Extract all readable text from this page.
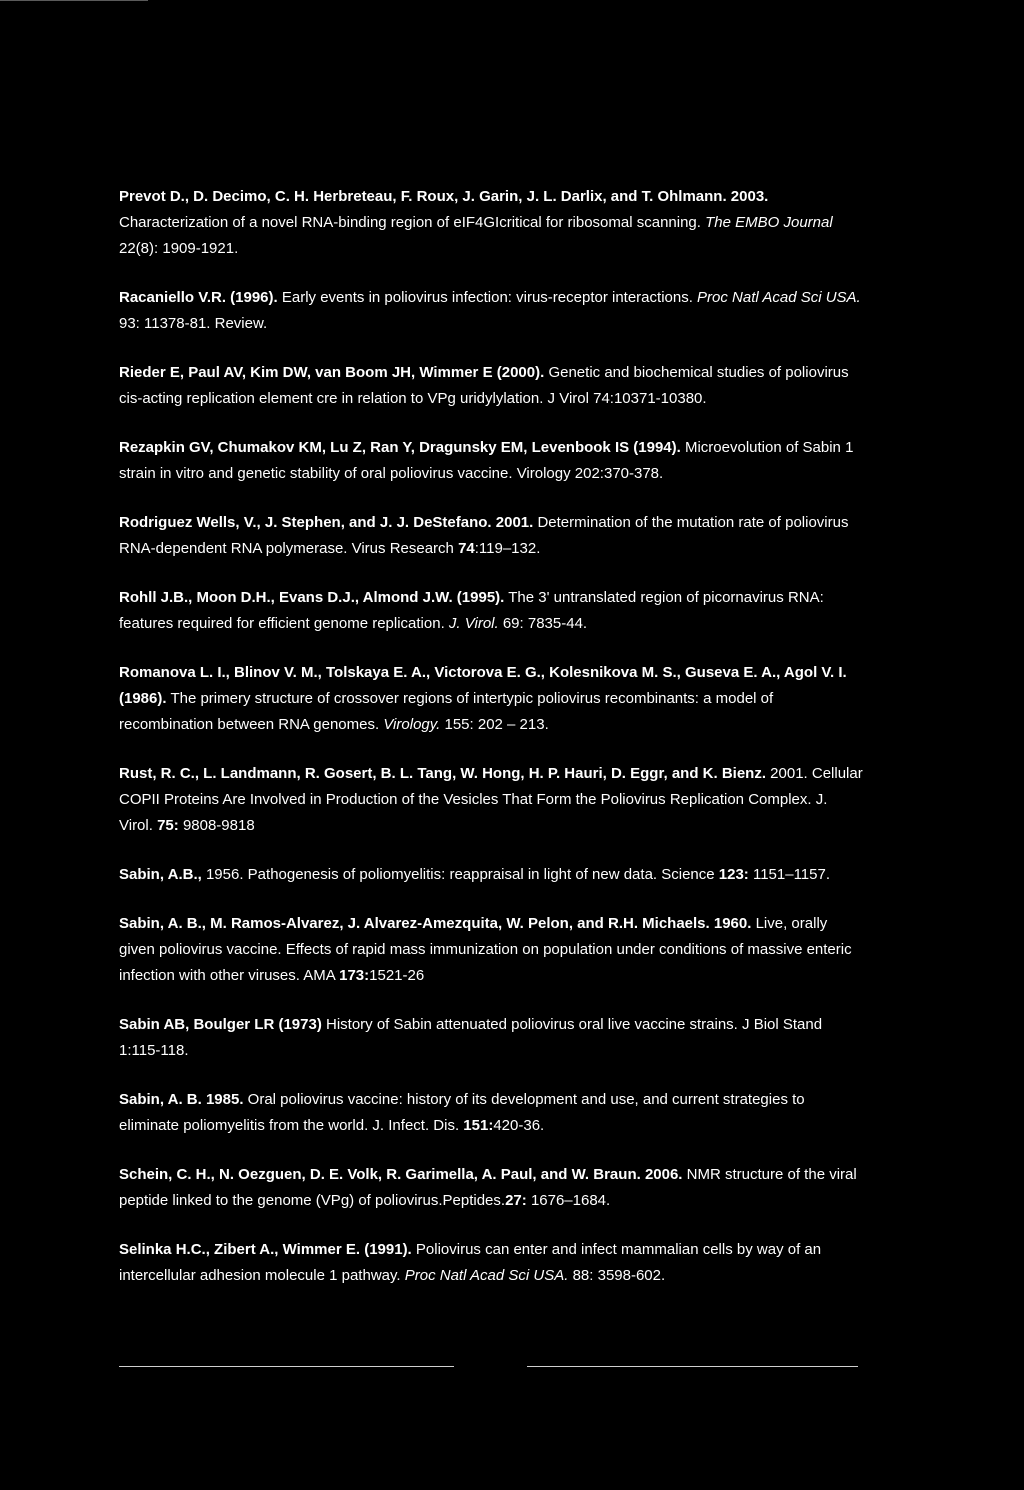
Prevot D., D. Decimo, C. H. Herbreteau, F. Roux, J. Garin, J. L. Darlix, and T. Ohlmann. 2003. Characterization of a novel RNA-binding region of eIF4GIcritical for ribosomal scanning. The EMBO Journal 22(8): 1909-1921.

Racaniello V.R. (1996). Early events in poliovirus infection: virus-receptor interactions. Proc Natl Acad Sci USA. 93: 11378-81. Review.

Rieder E, Paul AV, Kim DW, van Boom JH, Wimmer E (2000). Genetic and biochemical studies of poliovirus cis-acting replication element cre in relation to VPg uridylylation. J Virol 74:10371-10380.

Rezapkin GV, Chumakov KM, Lu Z, Ran Y, Dragunsky EM, Levenbook IS (1994). Microevolution of Sabin 1 strain in vitro and genetic stability of oral poliovirus vaccine. Virology 202:370-378.

Rodriguez Wells, V., J. Stephen, and J. J. DeStefano. 2001. Determination of the mutation rate of poliovirus RNA-dependent RNA polymerase. Virus Research 74:119–132.

Rohll J.B., Moon D.H., Evans D.J., Almond J.W. (1995). The 3' untranslated region of picornavirus RNA: features required for efficient genome replication. J. Virol. 69: 7835-44.

Romanova L. I., Blinov V. M., Tolskaya E. A., Victorova E. G., Kolesnikova M. S., Guseva E. A., Agol V. I. (1986). The primery structure of crossover regions of intertypic poliovirus recombinants: a model of recombination between RNA genomes. Virology. 155: 202 – 213.

Rust, R. C., L. Landmann, R. Gosert, B. L. Tang, W. Hong, H. P. Hauri, D. Eggr, and K. Bienz. 2001. Cellular COPII Proteins Are Involved in Production of the Vesicles That Form the Poliovirus Replication Complex. J. Virol. 75: 9808-9818

Sabin, A.B., 1956. Pathogenesis of poliomyelitis: reappraisal in light of new data. Science 123: 1151–1157.

Sabin, A. B., M. Ramos-Alvarez, J. Alvarez-Amezquita, W. Pelon, and R.H. Michaels. 1960. Live, orally given poliovirus vaccine. Effects of rapid mass immunization on population under conditions of massive enteric infection with other viruses. AMA 173:1521-26

Sabin AB, Boulger LR (1973) History of Sabin attenuated poliovirus oral live vaccine strains. J Biol Stand 1:115-118.

Sabin, A. B. 1985. Oral poliovirus vaccine: history of its development and use, and current strategies to eliminate poliomyelitis from the world. J. Infect. Dis. 151:420-36.

Schein, C. H., N. Oezguen, D. E. Volk, R. Garimella, A. Paul, and W. Braun. 2006. NMR structure of the viral peptide linked to the genome (VPg) of poliovirus.Peptides.27: 1676–1684.

Selinka H.C., Zibert A., Wimmer E. (1991). Poliovirus can enter and infect mammalian cells by way of an intercellular adhesion molecule 1 pathway. Proc Natl Acad Sci USA. 88: 3598-602.
